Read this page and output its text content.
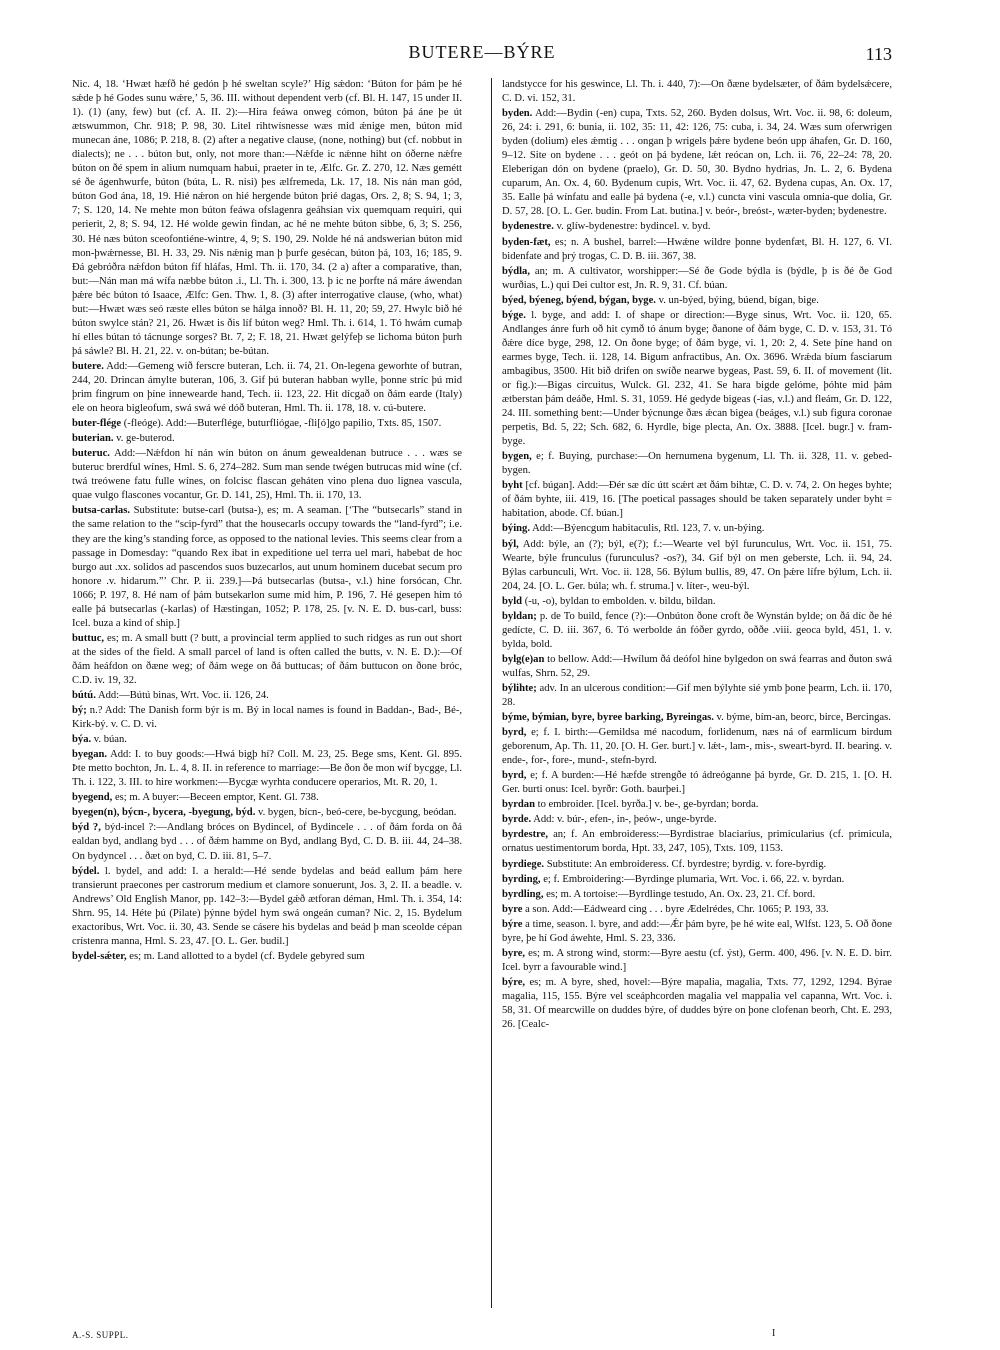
BUTERE—BÝRE	113
Nic. 4, 18. ‘Hwæt hæfð hé gedón þ hé sweltan scyle?’ Híg sǽdon: ‘Búton for þám þe hé sǽde þ hé Godes sunu wǽre,’ 5, 36. III. without dependent verb (cf. Bl. H. 147, 15 under II. 1). (1) (any, few) but (cf. A. II. 2):—Hira feáwa onweg cómon, búton þá áne þe út ætswummon, Chr. 918; P. 98, 30. Litel rihtwísnesse wæs mid ǽnige men, búton mid munecan áne, 1086; P. 218, 8. (2) after a negative clause, (none, nothing) but (cf. nobbut in dialects); ne . . . búton but, only, not more than:—Nǽfde ic nǽnne hiht on óðerne nǽfre búton on ðé spem in alium numquam habui, praeter in te, Ælfc. Gr. Z. 270, 12. Næs gemétt sé ðe ágenhwurfe, búton (búta, L. R. nisi) þes ælfremeda, Lk. 17, 18. Nis nán man gód, búton God ána, 18, 19. Hié nǽron on hié hergende búton þrié dagas, Ors. 2, 8; S. 94, 1; 3, 7; S. 120, 14. Ne mehte mon búton feáwa ofslagenra geáhsian vix quemquam requiri, qui perierit, 2, 8; S. 94, 12. Hé wolde gewin findan, ac hé ne mehte búton sibbe, 6, 3; S. 256, 30. Hé næs búton sceofontiéne-wintre, 4, 9; S. 190, 29. Nolde hé ná andswerian búton mid mon-þwǽrnesse, Bl. H. 33, 29. Nis nǽnig man þ þurfe gesécan, búton þá, 103, 16; 185, 9. Ðá gebróðra nǽfdon búton fíf hláfas, Hml. Th. ii. 170, 34. (2 a) after a comparative, than, but:—Nán man má wífa næbbe búton .i., Ll. Th. i. 300, 13. þ ic ne þorfte ná máre áwendan þǽre béc búton tó Isaace, Ælfc: Gen. Thw. 1, 8. (3) after interrogative clause, (who, what) but:—Hwæt wæs seó ræste elles búton se hálga innoð? Bl. H. 11, 20; 59, 27. Hwylc bið hé búton swylce stán? 21, 26. Hwæt is ðis líf búton weg? Hml. Th. i. 614, 1. Tó hwám cumaþ hí elles bútan tó tácnunge sorges? Bt. 7, 2; F. 18, 21. Hwæt gelýfeþ se lichoma búton þurh þá sáwle? Bl. H. 21, 22. v. on-bútan; be-bútan.
butere. Add:—Gemeng wið ferscre buteran, Lch. ii. 74, 21. On-legena geworhte of butran, 244, 20. Drincan ámylte buteran, 106, 3. Gif þú buteran habban wylle, þonne stríc þú mid þrim fingrum on þíne inneweardе hand, Tech. ii. 123, 22. Hit dícgað on ðám earde (Italy) ele on heora biglеofum, swá swá wé dóð buteran, Hml. Th. ii. 178, 18. v. cú-butere.
buter-flége (-fleóge). Add:—Buterflége, buturfliógae, -fli[ó]go papilio, Txts. 85, 1507.
buterian. v. ge-buterod.
buteruc. Add:—Nǽfdon hí nán wín búton on ánum gewealdenan butruce . . . wæs se buteruc brerdful wínes, Hml. S. 6, 274–282. Sum man sende twégen butrucas mid wíne (cf. twá treówene fatu fulle wínes, on folcisc flascan geháten vino plena duo lignea vascula, quae vulgo flascones vocantur, Gr. D. 141, 25), Hml. Th. ii. 170, 13.
butsa-carlas. Substitute: butse-carl (butsa-), es; m. A seaman. [‘The “butsecarls” stand in the same relation to the “scip-fyrd” that the housecarls occupy towards the “land-fyrd”; i.e. they are the king’s standing force, as opposed to the national levies. This seems clear from a passage in Domesday: “quando Rex ibat in expeditione uel terra uel mari, habebat de hoc burgo aut .xx. solidos ad pascendos suos buzecarlos, aut unum hominem ducebat secum pro honore .v. hidarum.”’ Chr. P. ii. 239.]—Þá butsecarlas (butsa-, v.l.) hine forsócan, Chr. 1066; P. 197, 8. Hé nam of þám butsekarlon sume mid him, P. 196, 7. Hé gesepen him tó ealle þá butsecarlas (-karlas) of Hæstingan, 1052; P. 178, 25. [v. N. E. D. bus-carl, buss: Icel. buza a kind of ship.]
buttuc, es; m. A small butt (? butt, a provincial term applied to such ridges as run out short at the sides of the field. A small parcel of land is often called the butts, v. N. E. D.):—Of ðám heáfdon on ðæne weg; of ðám wege on ðá buttucas; of ðám buttucon on ðone bróc, C.D. iv. 19, 32.
bútú. Add:—Bútú binas, Wrt. Voc. ii. 126, 24.
bý; n.? Add: The Danish form býr is m. Bý in local names is found in Baddan-, Bad-, Bé-, Kirk-bý. v. C. D. vi.
býa. v. búan.
byegan. Add: I. to buy goods:—Hwá bigþ hí? Coll. M. 23, 25. Bege sms, Kent. Gl. 895. Þte metto bochton, Jn. L. 4, 8. II. in reference to marriage:—Be ðon ðe mon wíf bycgge, Ll. Th. i. 122, 3. III. to hire workmen:—Bycgæ wyrhta conducere operarios, Mt. R. 20, 1.
byegend, es; m. A buyer:—Beceen emptor, Kent. Gl. 738.
byegen(n), býcn-, bycera, -byegung, býd. v. bygen, bícn-, beó-cere, be-bycgung, beódan.
býd ?, býd-incel ?:—Andlang bróces on Bydinсel, of Bydincele . . . of ðám forda on ðá ealdan byd, andlang byd . . . of ðǽm hamme on Byd, andlang Byd, C. D. B. iii. 44, 24–38. On bydyncel . . . ðæt on byd, C. D. iii. 81, 5–7.
býdel. l. bydel, and add: I. a herald:—Hé sende bydelas and beád eallum þám here transierunt praecones per castrorum medium et clamore sonuerunt, Jos. 3, 2. II. a beadle. v. Andrews’ Old English Manor, pp. 142–3:—Bydel gǽð ætforan déman, Hml. Th. i. 354, 14: Shrn. 95, 14. Héte þú (Pilate) þýnne býdel hym swá ongeán cuman? Nic. 2, 15. Bydelum exactoribus, Wrt. Voc. ii. 30, 43. Sende se cásere his bydelas and beád þ man sceolde cépan crístenra manna, Hml. S. 23, 47. [O. L. Ger. budil.]
bydel-sǽter, es; m. Land allotted to a bydel (cf. Bydele gebyred sum
landstycce for his geswince, Ll. Th. i. 440, 7):—On ðæne bydelsæter, of ðám bydelsǽcere, C. D. vi. 152, 31.
byden. Add:—Bydin (-en) cupa, Txts. 52, 260. Byden dolsus, Wrt. Voc. ii. 98, 6: doleum, 26, 24: i. 291, 6: bunia, ii. 102, 35: 11, 42: 126, 75: cuba, i. 34, 24. Wæs sum oferwrigen byden (dolium) eles ǽmtig . . . ongan þ wrigels þǽre bydene beón upp áhafen, Gr. D. 160, 9–12. Site on bydene . . . geót on þá bydene, lǽt reócan on, Lch. ii. 76, 22–24: 78, 20. Eleberigan dón on bydene (praelo), Gr. D. 50, 30. Bydno hydrias, Jn. L. 2, 6. Bydena cuparum, An. Ox. 4, 60. Bydenum cupis, Wrt. Voc. ii. 47, 62. Bydena cupas, An. Ox. 17, 35. Ealle þá wínfatu and ealle þá bydena (-e, v.l.) cuncta vini vascula omnia-que dolia, Gr. D. 57, 28. [O. L. Ger. budin. From Lat. butina.] v. beór-, breóst-, wæter-byden; bydenestre.
bydenestre. v. glíw-bydenestre: bydincel. v. byd.
byden-fæt, es; n. A bushel, barrel:—Hwǽne wildre þonne bydenfæt, Bl. H. 127, 6. VI. bidenfate and þrý trogas, C. D. B. iii. 367, 38.
býdla, an; m. A cultivator, worshipper:—Sé ðe Gode býdla is (býdle, þ is ðé ðe God wurðias, L.) qui Dei cultor est, Jn. R. 9, 31. Cf. búan.
býed, býeneg, býend, býgan, byge. v. un-býed, býing, búend, bígan, bige.
býge. l. byge, and add: I. of shape or direction:—Byge sinus, Wrt. Voc. ii. 120, 65. Andlanges ánre furh oð hit cymð tó ánum byge; ðanone of ðám byge, C. D. v. 153, 31. Tó ðǽre díce byge, 298, 12. On ðone byge; of ðám byge, vi. 1, 20: 2, 4. Sete þíne hand on earmes byge, Tech. ii. 128, 14. Bigum anfractibus, An. Ox. 3696. Wrǽda bíum fasciarum ambagibus, 3500. Hit bið drifen on swíðe nearwe bygeas, Past. 59, 6. II. of movement (lit. or fig.):—Bigas circuitus, Wulck. Gl. 232, 41. Se hara bigde gelóme, þóhte mid þám ætberstan þám deáðe, Hml. S. 31, 1059. Hé gedyde bigeas (-ias, v.l.) and fleám, Gr. D. 122, 24. III. something bent:—Under býcnunge ðæs ǽcan bigea (beáges, v.l.) sub figura coronae perpetis, Bd. 5, 22; Sch. 682, 6. Hyrdle, bige plecta, An. Ox. 3888. [Icel. bugr.] v. fram-byge.
bygen, e; f. Buying, purchase:—On hernumena bygenum, Ll. Th. ii. 328, 11. v. gebed-bygen.
byht [cf. búgan]. Add:—Ðér sæ díc útt scǽrt æt ðám bihtæ, C. D. v. 74, 2. On heges byhte; of ðám byhte, iii. 419, 16. [The poetical passages should be taken separately under byht = habitation, abode. Cf. búan.]
býing. Add:—Býencgum habitaculis, Rtl. 123, 7. v. un-býing.
býl, Add: býle, an (?); býl, e(?); f.:—Wearte vel býl furunculus, Wrt. Voc. ii. 151, 75. Wearte, býle frunculus (furunculus? -os?), 34. Gif býl on men geberste, Lch. ii. 94, 24. Býlas carbunculi, Wrt. Voc. ii. 128, 56. Býlum bullis, 89, 47. On þǽre lífre býlum, Lch. ii. 204, 24. [O. L. Ger. búla; wh. f. struma.] v. líter-, weu-býl.
byld (-u, -o), byldan to embolden. v. bildu, bildan.
byldan; p. de To build, fence (?):—Onbúton ðone croft ðe Wynstán bylde; on ðá díc ðe hé gedícte, C. D. iii. 367, 6. Tó werbolde án fóðer gyrdo, oððe .viii. geoca byld, 451, 1. v. bylda, bold.
bylg(e)an to bellow. Add:—Hwílum ðá deófol hine bylgedon on swá fearras and ðuton swá wulfas, Shrn. 52, 29.
býlihte; adv. In an ulcerous condition:—Gif men býlyhte sié ymb þone þearm, Lch. ii. 170, 28.
býme, býmian, byre, byree barking, Byreingas. v. býme, bím-an, beorc, birce, Bercingas.
byrd, e; f. I. birth:—Gemildsa mé nacodum, forlidenum, næs ná of earmlicum birdum geborenum, Ap. Th. 11, 20. [O. H. Ger. burt.] v. lǽt-, lam-, mis-, sweart-byrd. II. bearing. v. ende-, for-, fore-, mund-, stefn-byrd.
byrd, e; f. A burden:—Hé hæfde strengðe tó ádreóganne þá byrde, Gr. D. 215, 1. [O. H. Ger. burti onus: Icel. byrðr: Goth. baurþei.]
byrdan to embroider. [Icel. byrða.] v. be-, ge-byrdan; borda.
byrde. Add: v. búr-, efen-, in-, þeów-, unge-byrde.
byrdestre, an; f. An embroideress:—Byrdistrae blaciarius, primicularius (cf. primicula, ornatus uestimentorum borda, Hpt. 33, 247, 105), Txts. 109, 1153.
byrdiege. Substitute: An embroideress. Cf. byrdestre; byrdig. v. fore-byrdig.
byrding, e; f. Embroidering:—Byrdinge plumaria, Wrt. Voc. i. 66, 22. v. byrdan.
byrdling, es; m. A tortoise:—Byrdlinge testudo, An. Ox. 23, 21. Cf. bord.
byre a son. Add:—Eádweard cing . . . byre Ædelrédes, Chr. 1065; P. 193, 33.
býre a time, season. l. byre, and add:—Ǽr þám byre, þe hé wite eal, Wlfst. 123, 5. Oð ðone byre, þe hí God áwehte, Hml. S. 23, 336.
byre, es; m. A strong wind, storm:—Byre aestu (cf. ýst), Germ. 400, 496. [v. N. E. D. birr. Icel. byrr a favourable wind.]
býre, es; m. A byre, shed, hovel:—Býre mapalia, magalia, Txts. 77, 1292, 1294. Býrae magalia, 115, 155. Býre vel sceáphcorden magalia vel mappalia vel capanna, Wrt. Voc. i. 58, 31. Of mearcwille on duddes býre, of duddes býre on þone clofenan beorh, Cht. E. 293, 26. [Cealc-
A.-S. SUPPL.	I
